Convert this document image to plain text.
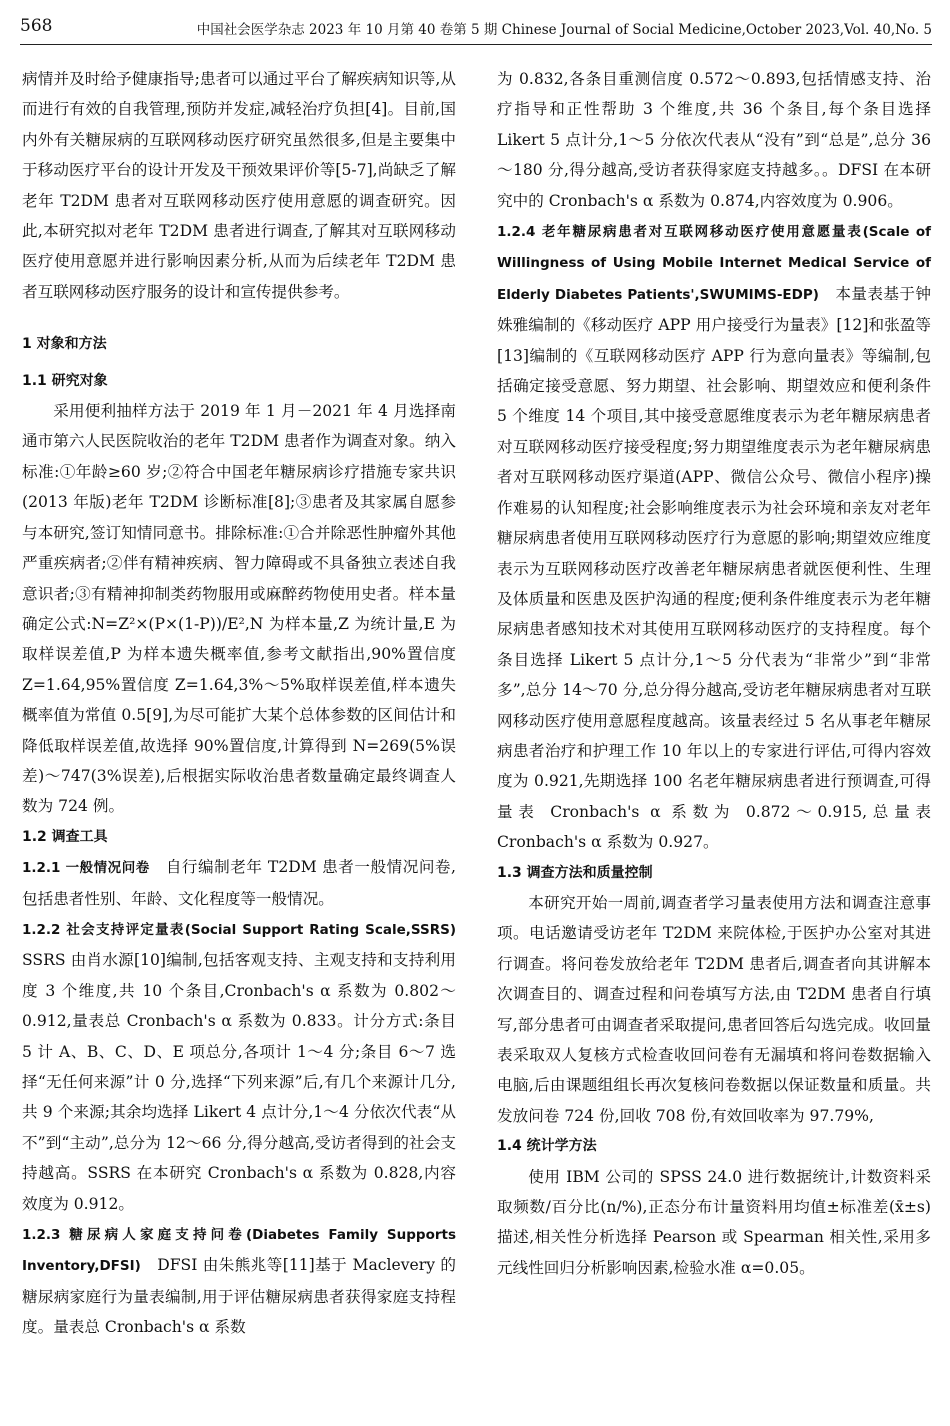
568	中国社会医学杂志 2023 年 10 月第 40 卷第 5 期 Chinese Journal of Social Medicine,October 2023,Vol. 40,No. 5

病情并及时给予健康指导;患者可以通过平台了解疾病知识等,从而进行有效的自我管理,预防并发症,减轻治疗负担[4]。目前,国内外有关糖尿病的互联网移动医疗研究虽然很多,但是主要集中于移动医疗平台的设计开发及干预效果评价等[5-7],尚缺乏了解老年 T2DM 患者对互联网移动医疗使用意愿的调查研究。因此,本研究拟对老年 T2DM 患者进行调查,了解其对互联网移动医疗使用意愿并进行影响因素分析,从而为后续老年 T2DM 患者互联网移动医疗服务的设计和宣传提供参考。

1 对象和方法
1.1 研究对象

采用便利抽样方法于 2019 年 1 月－2021 年 4 月选择南通市第六人民医院收治的老年 T2DM 患者作为调查对象。纳入标准:①年龄≥60 岁;②符合中国老年糖尿病诊疗措施专家共识(2013 年版)老年 T2DM 诊断标准[8];③患者及其家属自愿参与本研究,签订知情同意书。排除标准:①合并除恶性肿瘤外其他严重疾病者;②伴有精神疾病、智力障碍或不具备独立表述自我意识者;③有精神抑制类药物服用或麻醉药物使用史者。样本量确定公式:N=Z²×(P×(1-P))/E²,N 为样本量,Z 为统计量,E 为取样误差值,P 为样本遗失概率值,参考文献指出,90%置信度 Z=1.64,95%置信度 Z=1.64,3%～5%取样误差值,样本遗失概率值为常值 0.5[9],为尽可能扩大某个总体参数的区间估计和降低取样误差值,故选择 90%置信度,计算得到 N=269(5%误差)～747(3%误差),后根据实际收治患者数量确定最终调查人数为 724 例。

1.2 调查工具

1.2.1 一般情况问卷　 自行编制老年 T2DM 患者一般情况问卷,包括患者性别、年龄、文化程度等一般情况。

1.2.2 社会支持评定量表(Social Support Rating Scale,SSRS)　SSRS 由肖水源[10]编制,包括客观支持、主观支持和支持利用度 3 个维度,共 10 个条目,Cronbach's α 系数为 0.802～0.912,量表总 Cronbach's α 系数为 0.833。计分方式:条目 5 计 A、B、C、D、E 项总分,各项计 1～4 分;条目 6～7 选择“无任何来源”计 0 分,选择“下列来源”后,有几个来源计几分,共 9 个来源;其余均选择 Likert 4 点计分,1～4 分依次代表“从不”到“主动”,总分为 12～66 分,得分越高,受访者得到的社会支持越高。SSRS 在本研究 Cronbach's α 系数为 0.828,内容效度为 0.912。

1.2.3 糖尿病人家庭支持问卷(Diabetes Family Supports Inventory,DFSI)　 DFSI 由朱熊兆等[11]基于 Maclevery 的糖尿病家庭行为量表编制,用于评估糖尿病患者获得家庭支持程度。量表总 Cronbach's α 系数

为 0.832,各条目重测信度 0.572～0.893,包括情感支持、治疗指导和正性帮助 3 个维度,共 36 个条目,每个条目选择 Likert 5 点计分,1～5 分依次代表从“没有”到“总是”,总分 36～180 分,得分越高,受访者获得家庭支持越多。。DFSI 在本研究中的 Cronbach's α 系数为 0.874,内容效度为 0.906。

1.2.4 老年糖尿病患者对互联网移动医疗使用意愿量表(Scale of Willingness of Using Mobile Internet Medical Service of Elderly Diabetes Patients',SWUMIMS-EDP)　 本量表基于钟姝雅编制的《移动医疗 APP 用户接受行为量表》[12]和张盈等[13]编制的《互联网移动医疗 APP 行为意向量表》等编制,包括确定接受意愿、努力期望、社会影响、期望效应和便利条件 5 个维度 14 个项目,其中接受意愿维度表示为老年糖尿病患者对互联网移动医疗接受程度;努力期望维度表示为老年糖尿病患者对互联网移动医疗渠道(APP、微信公众号、微信小程序)操作难易的认知程度;社会影响维度表示为社会环境和亲友对老年糖尿病患者使用互联网移动医疗行为意愿的影响;期望效应维度表示为互联网移动医疗改善老年糖尿病患者就医便利性、生理及体质量和医患及医护沟通的程度;便利条件维度表示为老年糖尿病患者感知技术对其使用互联网移动医疗的支持程度。每个条目选择 Likert 5 点计分,1～5 分代表为“非常少”到“非常多”,总分 14～70 分,总分得分越高,受访老年糖尿病患者对互联网移动医疗使用意愿程度越高。该量表经过 5 名从事老年糖尿病患者治疗和护理工作 10 年以上的专家进行评估,可得内容效度为 0.921,先期选择 100 名老年糖尿病患者进行预调查,可得量表 Cronbach's α 系数为 0.872～0.915,总量表 Cronbach's α 系数为 0.927。

1.3 调查方法和质量控制

本研究开始一周前,调查者学习量表使用方法和调查注意事项。电话邀请受访老年 T2DM 来院体检,于医护办公室对其进行调查。将问卷发放给老年 T2DM 患者后,调查者向其讲解本次调查目的、调查过程和问卷填写方法,由 T2DM 患者自行填写,部分患者可由调查者采取提问,患者回答后勾选完成。收回量表采取双人复核方式检查收回问卷有无漏填和将问卷数据输入电脑,后由课题组组长再次复核问卷数据以保证数量和质量。共发放问卷 724 份,回收 708 份,有效回收率为 97.79%,

1.4 统计学方法

使用 IBM 公司的 SPSS 24.0 进行数据统计,计数资料采取频数/百分比(n/%),正态分布计量资料用均值±标准差(x̄±s)描述,相关性分析选择 Pearson 或 Spearman 相关性,采用多元线性回归分析影响因素,检验水准 α=0.05。
